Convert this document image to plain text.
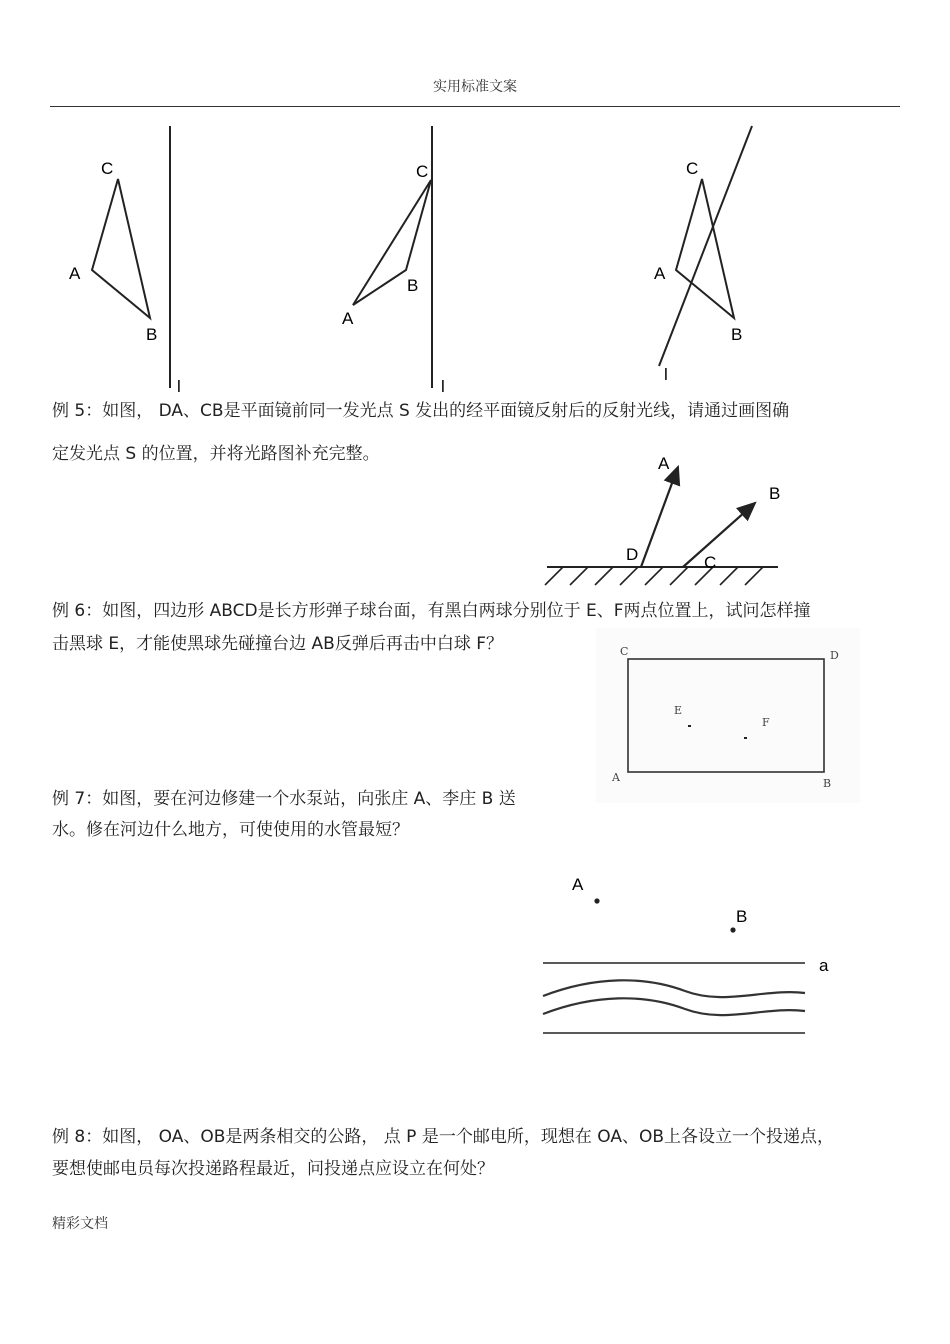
实用标准文案
C
A
B
l
C
A
B
l
C
A
B
l
例 5：如图， DA、CB是平面镜前同一发光点 S 发出的经平面镜反射后的反射光线，请通过画图确
定发光点 S 的位置，并将光路图补充完整。	A
B
D	C
例 6：如图，四边形 ABCD是长方形弹子球台面，有黑白两球分别位于 E、F两点位置上，试问怎样撞
击黑球 E，才能使黑球先碰撞台边 AB反弹后再击中白球 F？	C	D
A	B
E
F
例 7：如图，要在河边修建一个水泵站，向张庄 A、李庄 B 送
水。修在河边什么地方，可使使用的水管最短？
A
B
a
例 8：如图， OA、OB是两条相交的公路， 点 P 是一个邮电所，现想在 OA、OB上各设立一个投递点，
要想使邮电员每次投递路程最近，问投递点应设立在何处？
精彩文档
